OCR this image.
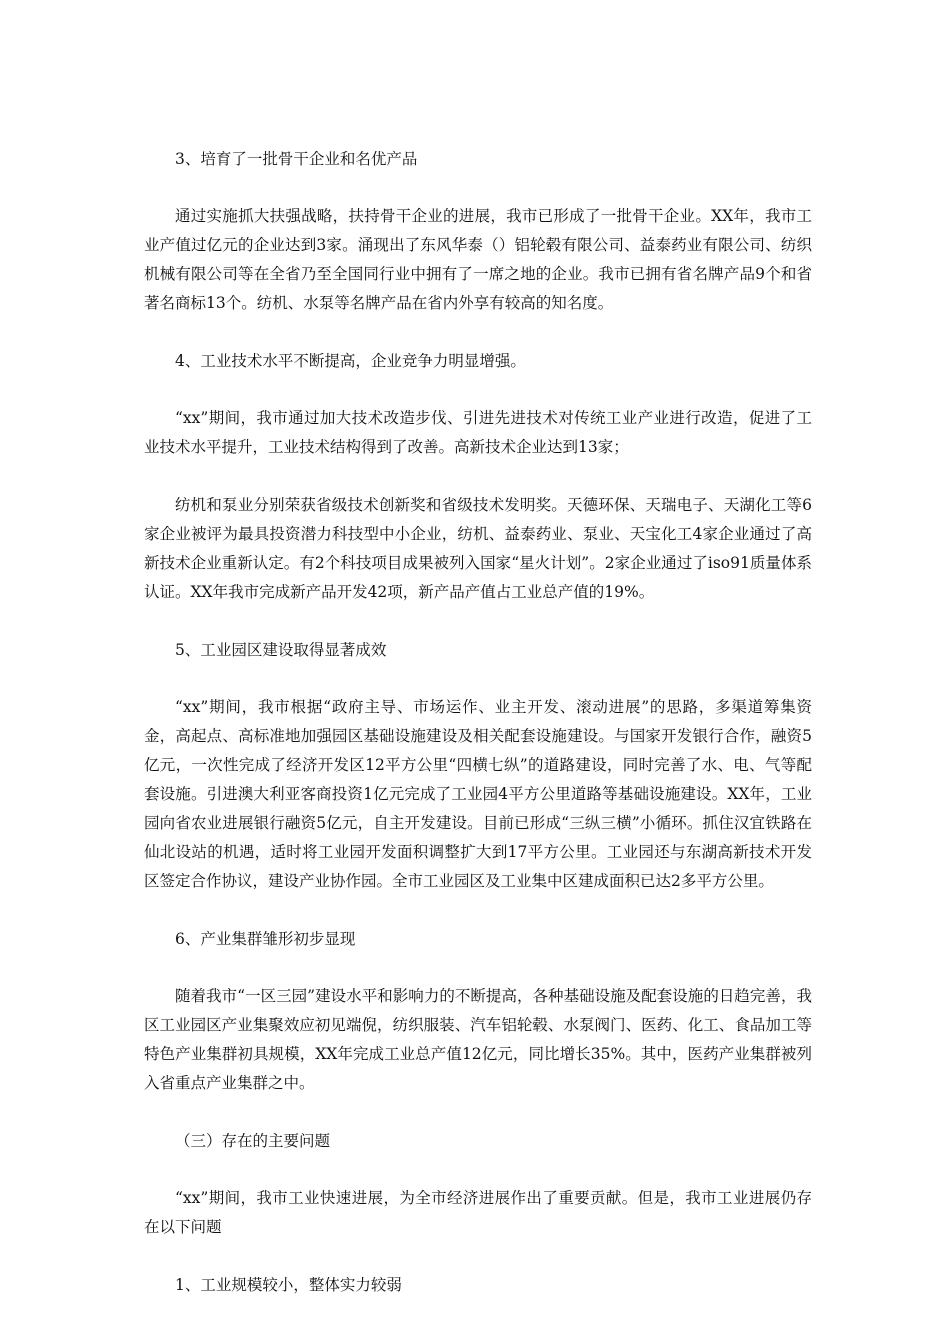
3、培育了一批骨干企业和名优产品

通过实施抓大扶强战略，扶持骨干企业的进展，我市已形成了一批骨干企业。XX年，我市工业产值过亿元的企业达到3家。涌现出了东风华泰（）铝轮毂有限公司、益泰药业有限公司、纺织机械有限公司等在全省乃至全国同行业中拥有了一席之地的企业。我市已拥有省名牌产品9个和省著名商标13个。纺机、水泵等名牌产品在省内外享有较高的知名度。

4、工业技术水平不断提高，企业竞争力明显增强。

“xx”期间，我市通过加大技术改造步伐、引进先进技术对传统工业产业进行改造，促进了工业技术水平提升，工业技术结构得到了改善。高新技术企业达到13家；

纺机和泵业分别荣获省级技术创新奖和省级技术发明奖。天德环保、天瑞电子、天湖化工等6家企业被评为最具投资潜力科技型中小企业，纺机、益泰药业、泵业、天宝化工4家企业通过了高新技术企业重新认定。有2个科技项目成果被列入国家“星火计划”。2家企业通过了iso91质量体系认证。XX年我市完成新产品开发42项，新产品产值占工业总产值的19%。

5、工业园区建设取得显著成效

“xx”期间，我市根据“政府主导、市场运作、业主开发、滚动进展”的思路，多渠道筹集资金，高起点、高标准地加强园区基础设施建设及相关配套设施建设。与国家开发银行合作，融资5亿元，一次性完成了经济开发区12平方公里“四横七纵”的道路建设，同时完善了水、电、气等配套设施。引进澳大利亚客商投资1亿元完成了工业园4平方公里道路等基础设施建设。XX年，工业园向省农业进展银行融资5亿元，自主开发建设。目前已形成“三纵三横”小循环。抓住汉宜铁路在仙北设站的机遇，适时将工业园开发面积调整扩大到17平方公里。工业园还与东湖高新技术开发区签定合作协议，建设产业协作园。全市工业园区及工业集中区建成面积已达2多平方公里。

6、产业集群雏形初步显现

随着我市“一区三园”建设水平和影响力的不断提高，各种基础设施及配套设施的日趋完善，我区工业园区产业集聚效应初见端倪，纺织服装、汽车铝轮毂、水泵阀门、医药、化工、食品加工等特色产业集群初具规模，XX年完成工业总产值12亿元，同比增长35%。其中，医药产业集群被列入省重点产业集群之中。

（三）存在的主要问题

“xx”期间，我市工业快速进展，为全市经济进展作出了重要贡献。但是，我市工业进展仍存在以下问题

1、工业规模较小，整体实力较弱
